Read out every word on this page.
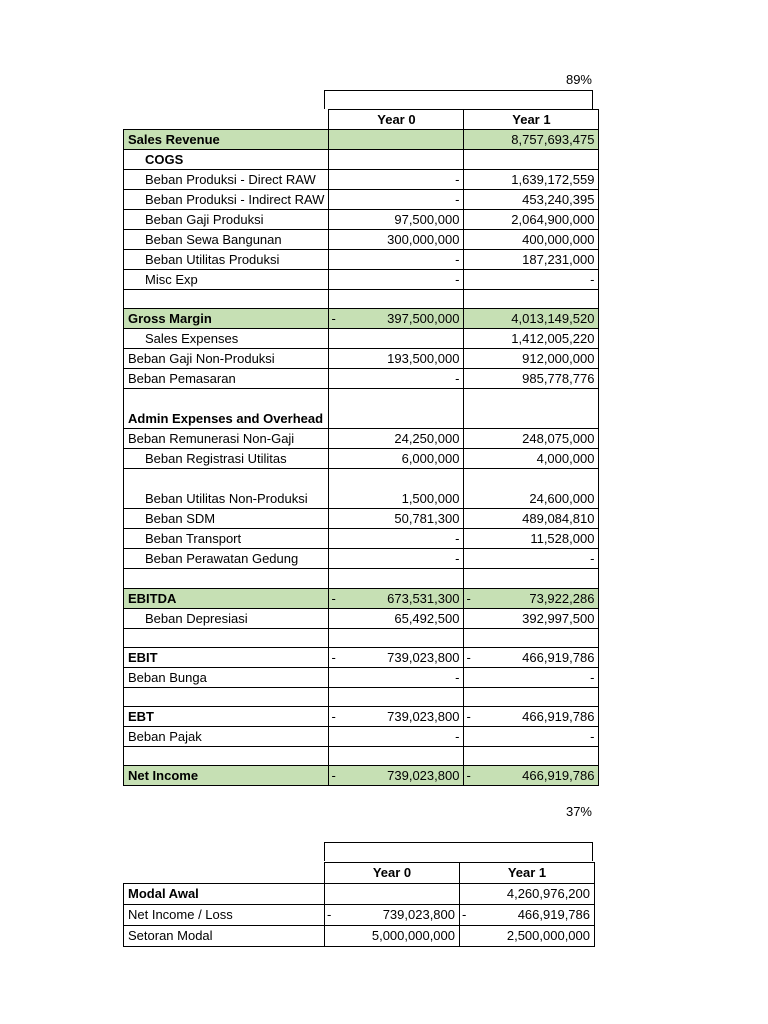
89%
	Year 0	Year 1
Sales Revenue		8,757,693,475
COGS		
Beban Produksi - Direct RAW	-	1,639,172,559
Beban Produksi - Indirect RAW	-	453,240,395
Beban Gaji Produksi	97,500,000	2,064,900,000
Beban Sewa Bangunan	300,000,000	400,000,000
Beban Utilitas Produksi	-	187,231,000
Misc Exp	-	-

Gross Margin	- 397,500,000	4,013,149,520
Sales Expenses		1,412,005,220
Beban Gaji Non-Produksi	193,500,000	912,000,000
Beban Pemasaran	-	985,778,776
Admin Expenses and Overhead		
Beban Remunerasi Non-Gaji	24,250,000	248,075,000
Beban Registrasi Utilitas	6,000,000	4,000,000
Beban Utilitas Non-Produksi	1,500,000	24,600,000
Beban SDM	50,781,300	489,084,810
Beban Transport	-	11,528,000
Beban Perawatan Gedung	-	-

EBITDA	- 673,531,300	- 73,922,286
Beban Depresiasi	65,492,500	392,997,500

EBIT	- 739,023,800	- 466,919,786
Beban Bunga	-	-

EBT	- 739,023,800	- 466,919,786
Beban Pajak	-	-

Net Income	- 739,023,800	- 466,919,786
37%
	Year 0	Year 1
Modal Awal		4,260,976,200
Net Income / Loss	- 739,023,800	- 466,919,786
Setoran Modal	5,000,000,000	2,500,000,000
